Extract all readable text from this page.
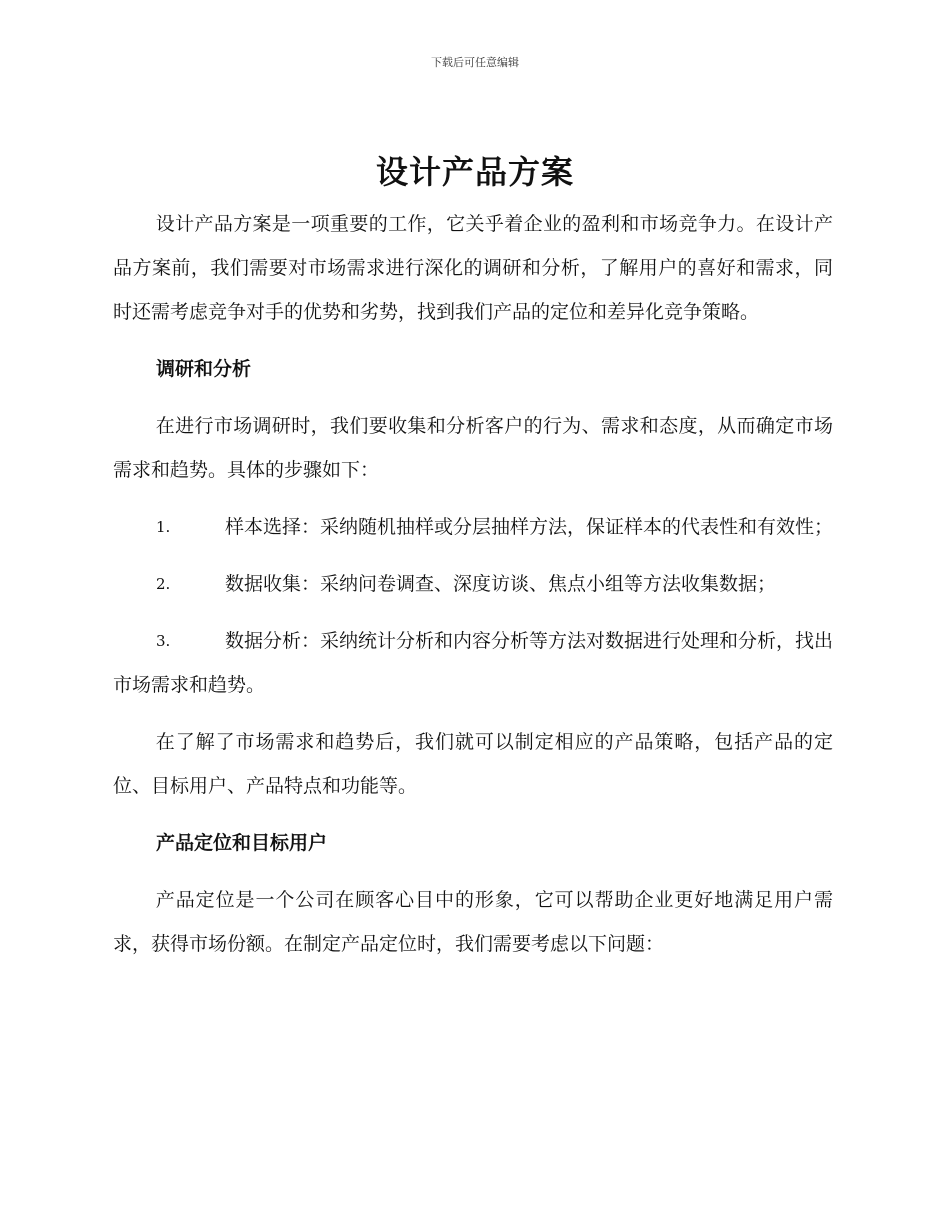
下载后可任意编辑
设计产品方案

设计产品方案是一项重要的工作，它关乎着企业的盈利和市场竞争力。在设计产品方案前，我们需要对市场需求进行深化的调研和分析，了解用户的喜好和需求，同时还需考虑竞争对手的优势和劣势，找到我们产品的定位和差异化竞争策略。

调研和分析

在进行市场调研时，我们要收集和分析客户的行为、需求和态度，从而确定市场需求和趋势。具体的步骤如下：

1.	样本选择：采纳随机抽样或分层抽样方法，保证样本的代表性和有效性；
2.	数据收集：采纳问卷调查、深度访谈、焦点小组等方法收集数据；
3.	数据分析：采纳统计分析和内容分析等方法对数据进行处理和分析，找出市场需求和趋势。

在了解了市场需求和趋势后，我们就可以制定相应的产品策略，包括产品的定位、目标用户、产品特点和功能等。

产品定位和目标用户

产品定位是一个公司在顾客心目中的形象，它可以帮助企业更好地满足用户需求，获得市场份额。在制定产品定位时，我们需要考虑以下问题：
